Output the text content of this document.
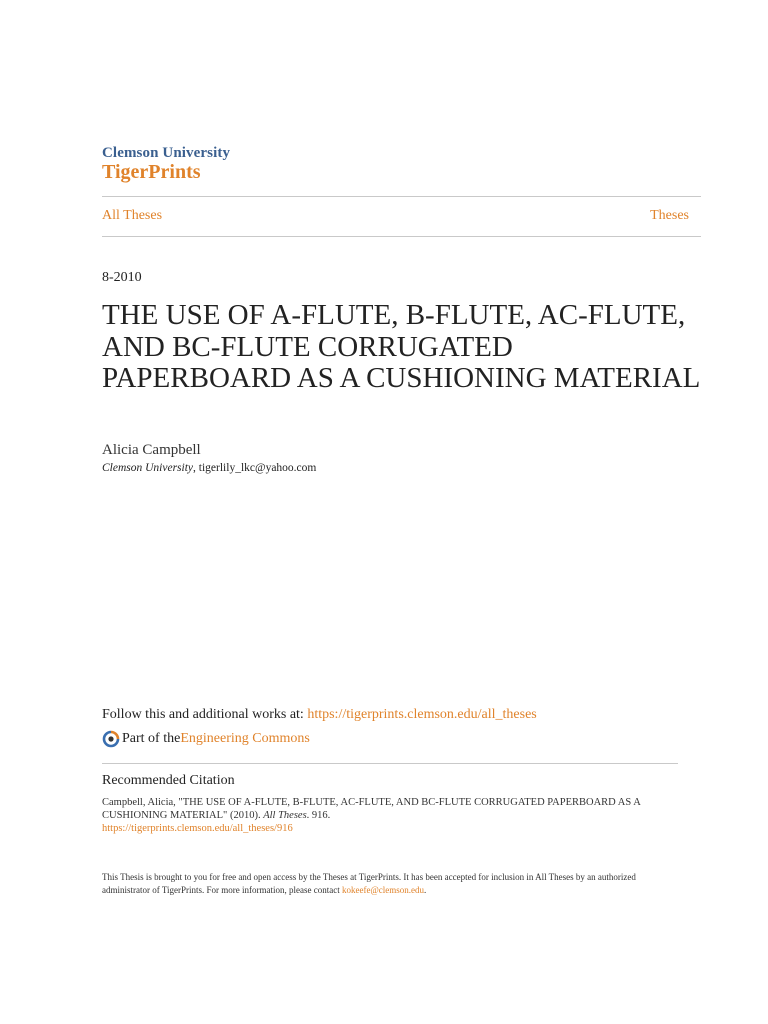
Clemson University
TigerPrints
All Theses	Theses
8-2010
THE USE OF A-FLUTE, B-FLUTE, AC-FLUTE, AND BC-FLUTE CORRUGATED PAPERBOARD AS A CUSHIONING MATERIAL
Alicia Campbell
Clemson University, tigerlily_lkc@yahoo.com
Follow this and additional works at: https://tigerprints.clemson.edu/all_theses
Part of the Engineering Commons
Recommended Citation
Campbell, Alicia, "THE USE OF A-FLUTE, B-FLUTE, AC-FLUTE, AND BC-FLUTE CORRUGATED PAPERBOARD AS A CUSHIONING MATERIAL" (2010). All Theses. 916.
https://tigerprints.clemson.edu/all_theses/916
This Thesis is brought to you for free and open access by the Theses at TigerPrints. It has been accepted for inclusion in All Theses by an authorized administrator of TigerPrints. For more information, please contact kokeefe@clemson.edu.
